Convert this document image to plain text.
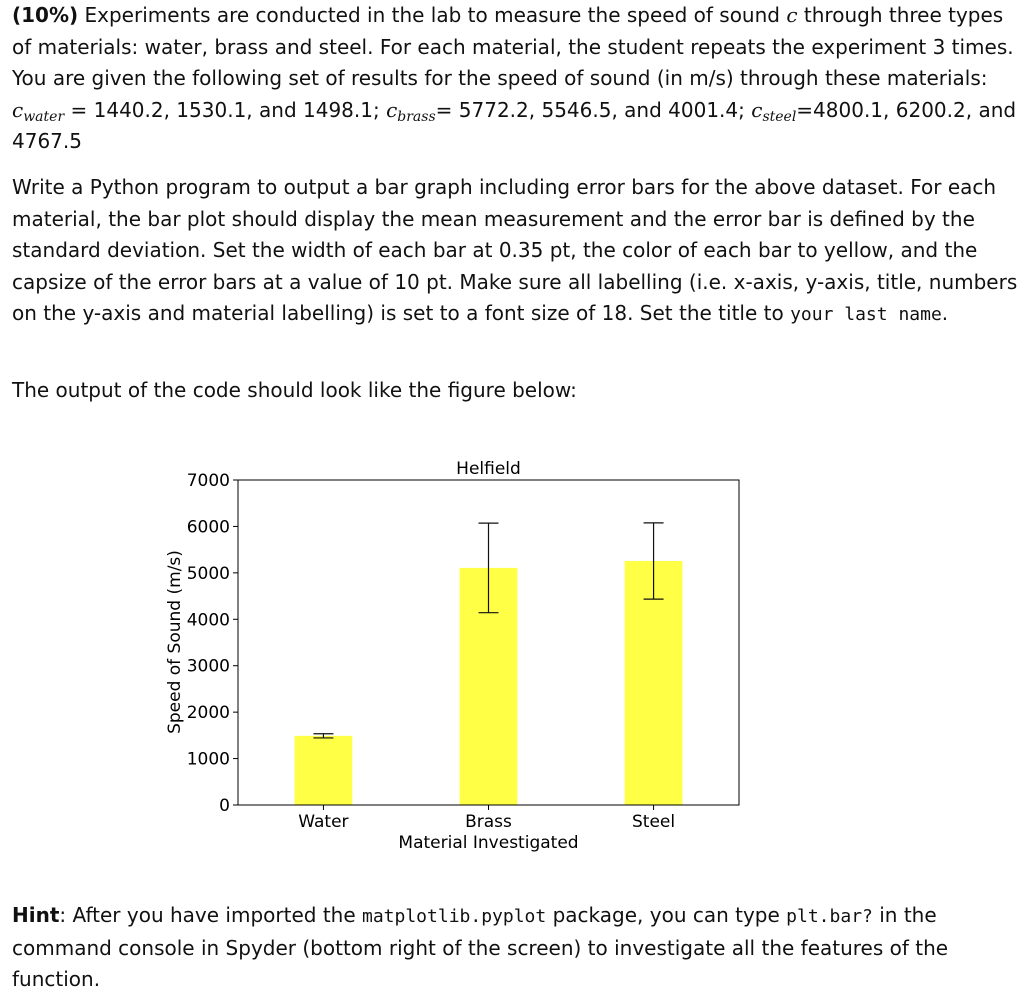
(10%) Experiments are conducted in the lab to measure the speed of sound c through three types of materials: water, brass and steel. For each material, the student repeats the experiment 3 times. You are given the following set of results for the speed of sound (in m/s) through these materials: $c_{water} = 1440.2$, 1530.1, and 1498.1; $c_{brass}= 5772.2$, 5546.5, and 4001.4; $c_{steel}=4800.1$, 6200.2, and 4767.5

Write a Python program to output a bar graph including error bars for the above dataset. For each material, the bar plot should display the mean measurement and the error bar is defined by the standard deviation. Set the width of each bar at 0.35 pt, the color of each bar to yellow, and the capsize of the error bars at a value of 10 pt. Make sure all labelling (i.e. x-axis, y-axis, title, numbers on the y-axis and material labelling) is set to a font size of 18. Set the title to your last name.

The output of the code should look like the figure below:

Hint: After you have imported the matplotlib.pyplot package, you can type plt.bar? in the command console in Spyder (bottom right of the screen) to investigate all the features of the function.

0
1000
2000
3000
4000
5000
6000
7000
Water	Brass	Steel
Helfield
Material Investigated
Speed of Sound (m/s)
